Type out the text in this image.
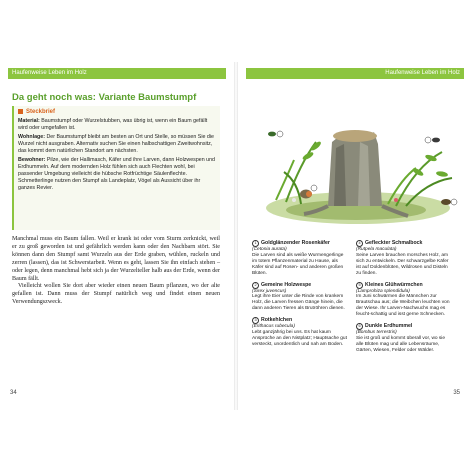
Haufenweise Leben im Holz
Da geht noch was: Variante Baumstumpf
Steckbrief

Material: Baumstumpf oder Wurzelstubben, was übrig ist, wenn ein Baum gefällt wird oder umgefallen ist.

Wohnlage: Der Baumstumpf bleibt am besten an Ort und Stelle, so müssen Sie die Wurzel nicht ausgraben. Alternativ suchen Sie einen halbschattigen Zweitwohnsitz, das kommt dem natürlichen Standort am nächsten.

Bewohner: Pilze, wie der Hallimasch, Käfer und ihre Larven, dann Holzwespen und Erdhummeln. Auf dem modernden Holz fühlen sich auch Flechten wohl, bei passender Umgebung vielleicht die hübsche Rotfrüchtige Säulenflechte. Schmetterlinge nutzen den Stumpf als Landeplatz, Vögel als Aussicht über ihr ganzes Revier.

Manchmal muss ein Baum fallen. Weil er krank ist oder vom Sturm zerknickt, weil er zu groß geworden ist und gefährlich werden kann oder den Nachbarn stört. Sie können dann den Stumpf samt Wurzeln aus der Erde graben, wühlen, ruckeln und zerren (lassen), das ist Schwerstarbeit. Wenn es geht, lassen Sie ihn einfach stehen – oder legen, denn manchmal hebt sich ja der Wurzelteller halb aus der Erde, wenn der Baum fällt.

Vielleicht wollen Sie dort aber wieder einen neuen Baum pflanzen, wo der alte gefallen ist. Dann muss der Stumpf natürlich weg und findet einen neuen Verwendungszweck.

34
Haufenweise Leben im Holz
1 Goldglänzender Rosenkäfer
(Cetonia aurata)
Die Larven sind als weiße Wurmengerlinge im totem Pflanzenmaterial zu Hause, als Käfer sind auf Rosen- und anderen großen Blüten.
2 Gemeine Holzwespe
(Sirex juvencus)
Legt ihre Eier unter die Rinde von krankem Holz, die Larven fressen Gänge hinein, die dann anderen Tieren als Brutröhren dienen.
3 Rotkehlchen
(Erithacus rubecula)
Lebt ganzjährig bei uns. Es hat kaum Ansprüche an den Nistplatz; Hauptsache gut versteckt, unordentlich und nah am Boden.
4 Gefleckter Schmalbock
(Rutpela maculata)
Seine Larven brauchen morsches Holz, am sich zu entwickeln. Der schwarzgelbe Käfer ist auf Doldenblüten, Wildrosen und Disteln zu finden.
5 Kleines Glühwürmchen
(Lamprohiza splendidula)
Im Juni schwärmen die Männchen zur Brautschau aus; die Weibchen leuchten von der Wiese. Ihr Larven-Nachwuchs mag es feucht-schattig und isst gerne Schnecken.
6 Dunkle Erdhummel
(Bombus terrestris)
Sie ist groß und kommt überall vor, wo sie alle Blüten mag und alle Lebensräume, Gärten, Wiesen, Felder oder Wälder.
35
